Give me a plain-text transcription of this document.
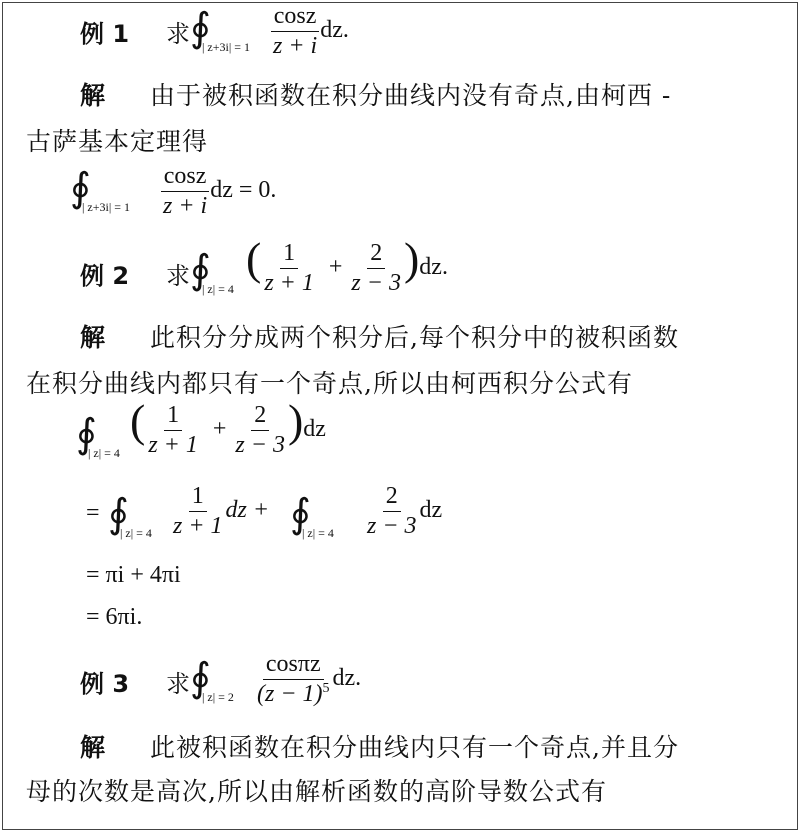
例 1 求 ∮
| $z+3i| = 1 \frac{\cos z}{z + i}$ dz.
解 由于被积函数在积分曲线内没有奇点,由柯西 -
古萨基本定理得
∮
| $z+3i| = 1 \frac{\cos z}{z + i}$ dz = 0.
例 2 求 ∮
| z| = 4
( $\frac{1}{z + 1} + \frac{2}{z - 3} )dz$.
解 此积分分成两个积分后,每个积分中的被积函数
在积分曲线内都只有一个奇点,所以由柯西积分公式有
∮
| z| = 4
( $\frac{1}{z + 1} + \frac{2}{z - 3} )dz$
= ∮
| $z| = 4 \frac{1}{z + 1}$ dz + ∮
| $z| = 4 \frac{2}{z - 3}$ dz
= πi + 4πi
= 6πi.
例 3 求 ∮
| $z| = 2 \frac{\cos\pi z}{(z - 1)^5}$ dz.
解 此被积函数在积分曲线内只有一个奇点,并且分
母的次数是高次,所以由解析函数的高阶导数公式有
